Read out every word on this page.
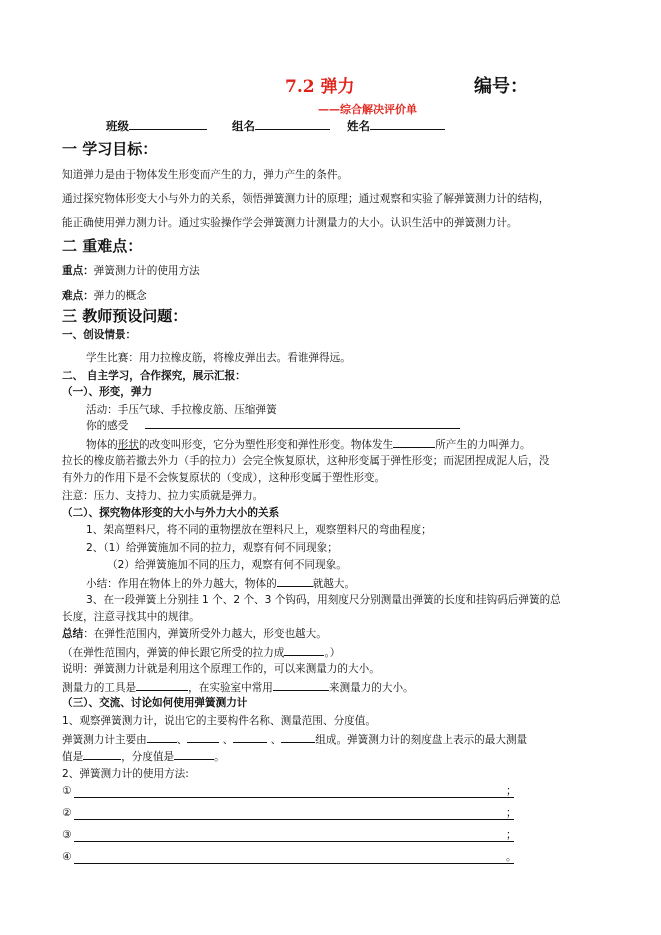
7.2 弹力	编号：
——综合解决评价单
班级	组名	姓名
一 学习目标：
知道弹力是由于物体发生形变而产生的力，弹力产生的条件。
通过探究物体形变大小与外力的关系，领悟弹簧测力计的原理；通过观察和实验了解弹簧测力计的结构，
能正确使用弹力测力计。通过实验操作学会弹簧测力计测量力的大小。认识生活中的弹簧测力计。
二 重难点：
重点：弹簧测力计的使用方法
难点：弹力的概念
三 教师预设问题：
一、创设情景：
学生比赛：用力拉橡皮筋，将橡皮弹出去。看谁弹得远。
二、 自主学习，合作探究，展示汇报：
（一）、形变，弹力
活动：手压气球、手拉橡皮筋、压缩弹簧
你的感受
物体的形状的改变叫形变，它分为塑性形变和弹性形变。物体发生	所产生的力叫弹力。
拉长的橡皮筋若撤去外力（手的拉力）会完全恢复原状，这种形变属于弹性形变；而泥团捏成泥人后，没
有外力的作用下是不会恢复原状的（变成），这种形变属于塑性形变。
注意：压力、支持力、拉力实质就是弹力。
（二）、探究物体形变的大小与外力大小的关系
1、架高塑料尺，将不同的重物摆放在塑料尺上，观察塑料尺的弯曲程度；
2、（1）给弹簧施加不同的拉力，观察有何不同现象；
（2）给弹簧施加不同的压力，观察有何不同现象。
小结：作用在物体上的外力越大，物体的	就越大。
3、在一段弹簧上分别挂 1 个、2 个、3 个钩码，用刻度尺分别测量出弹簧的长度和挂钩码后弹簧的总
长度，注意寻找其中的规律。
总结：在弹性范围内，弹簧所受外力越大，形变也越大。
（在弹性范围内，弹簧的伸长跟它所受的拉力成	。）
说明：弹簧测力计就是利用这个原理工作的，可以来测量力的大小。
测量力的工具是	，在实验室中常用	来测量力的大小。
（三）、交流、讨论如何使用弹簧测力计
1、观察弹簧测力计，说出它的主要构件名称、测量范围、分度值。
弹簧测力计主要由	、	、	、	组成。弹簧测力计的刻度盘上表示的最大测量
值是	，分度值是	。
2、弹簧测力计的使用方法:
①	；
②	；
③	；
④	。
